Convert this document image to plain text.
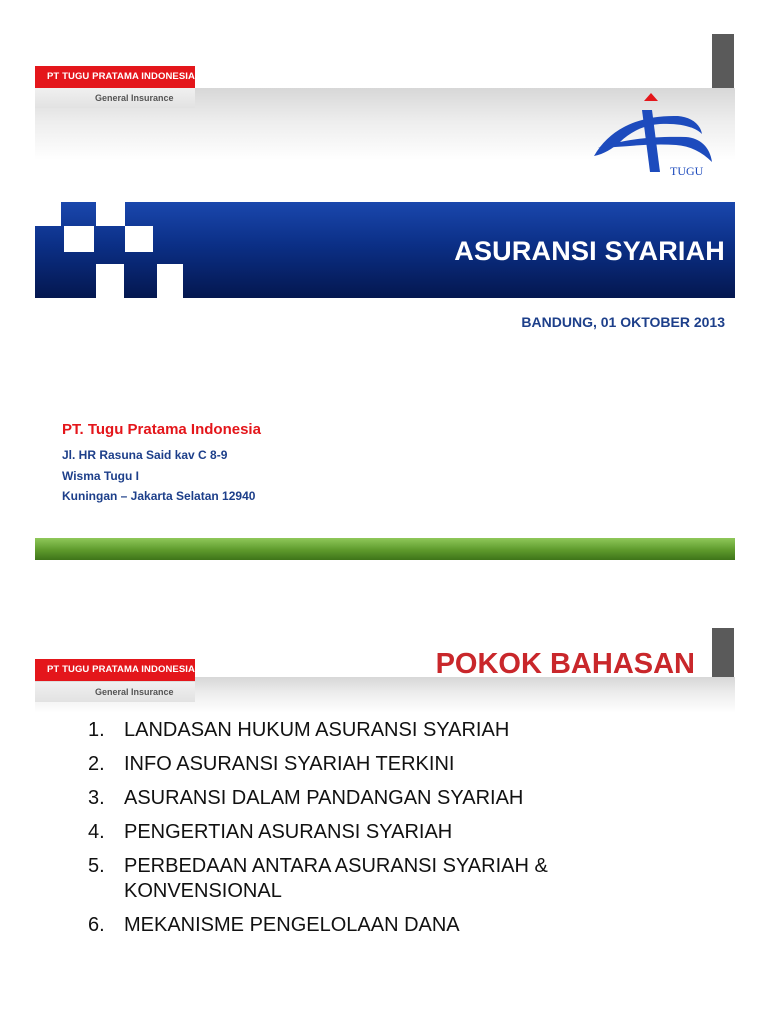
PT TUGU PRATAMA INDONESIA
General Insurance
TUGU
ASURANSI SYARIAH
BANDUNG, 01 OKTOBER 2013
PT. Tugu Pratama Indonesia
Jl. HR Rasuna Said kav C 8-9
Wisma Tugu I
Kuningan – Jakarta Selatan 12940
PT TUGU PRATAMA INDONESIA
General Insurance
POKOK BAHASAN
1. LANDASAN HUKUM ASURANSI SYARIAH
2. INFO ASURANSI SYARIAH TERKINI
3. ASURANSI DALAM PANDANGAN SYARIAH
4. PENGERTIAN ASURANSI SYARIAH
5. PERBEDAAN ANTARA ASURANSI SYARIAH & KONVENSIONAL
6. MEKANISME PENGELOLAAN DANA
